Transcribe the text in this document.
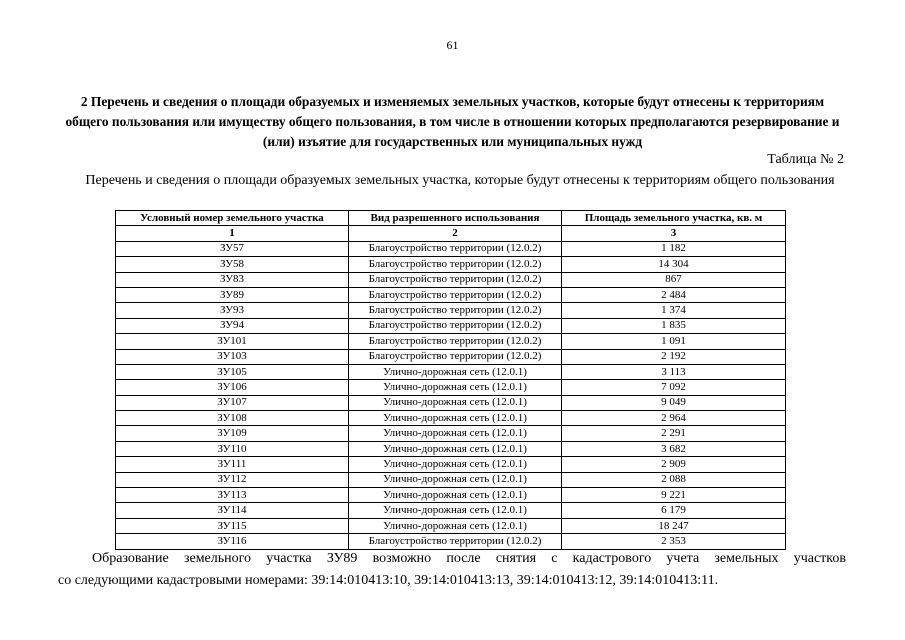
61
2 Перечень и сведения о площади образуемых и изменяемых земельных участков, которые будут отнесены к территориям общего пользования или имуществу общего пользования, в том числе в отношении которых предполагаются резервирование и (или) изъятие для государственных или муниципальных нужд
Таблица № 2
Перечень и сведения о площади образуемых земельных участка, которые будут отнесены к территориям общего пользования
Условный номер земельного участка	Вид разрешенного использования	Площадь земельного участка, кв. м
1	2	3
ЗУ57	Благоустройство территории (12.0.2)	1 182
ЗУ58	Благоустройство территории (12.0.2)	14 304
ЗУ83	Благоустройство территории (12.0.2)	867
ЗУ89	Благоустройство территории (12.0.2)	2 484
ЗУ93	Благоустройство территории (12.0.2)	1 374
ЗУ94	Благоустройство территории (12.0.2)	1 835
ЗУ101	Благоустройство территории (12.0.2)	1 091
ЗУ103	Благоустройство территории (12.0.2)	2 192
ЗУ105	Улично-дорожная сеть (12.0.1)	3 113
ЗУ106	Улично-дорожная сеть (12.0.1)	7 092
ЗУ107	Улично-дорожная сеть (12.0.1)	9 049
ЗУ108	Улично-дорожная сеть (12.0.1)	2 964
ЗУ109	Улично-дорожная сеть (12.0.1)	2 291
ЗУ110	Улично-дорожная сеть (12.0.1)	3 682
ЗУ111	Улично-дорожная сеть (12.0.1)	2 909
ЗУ112	Улично-дорожная сеть (12.0.1)	2 088
ЗУ113	Улично-дорожная сеть (12.0.1)	9 221
ЗУ114	Улично-дорожная сеть (12.0.1)	6 179
ЗУ115	Улично-дорожная сеть (12.0.1)	18 247
ЗУ116	Благоустройство территории (12.0.2)	2 353
Образование земельного участка ЗУ89 возможно после снятия с кадастрового учета земельных участков
со следующими кадастровыми номерами: 39:14:010413:10, 39:14:010413:13, 39:14:010413:12, 39:14:010413:11.
